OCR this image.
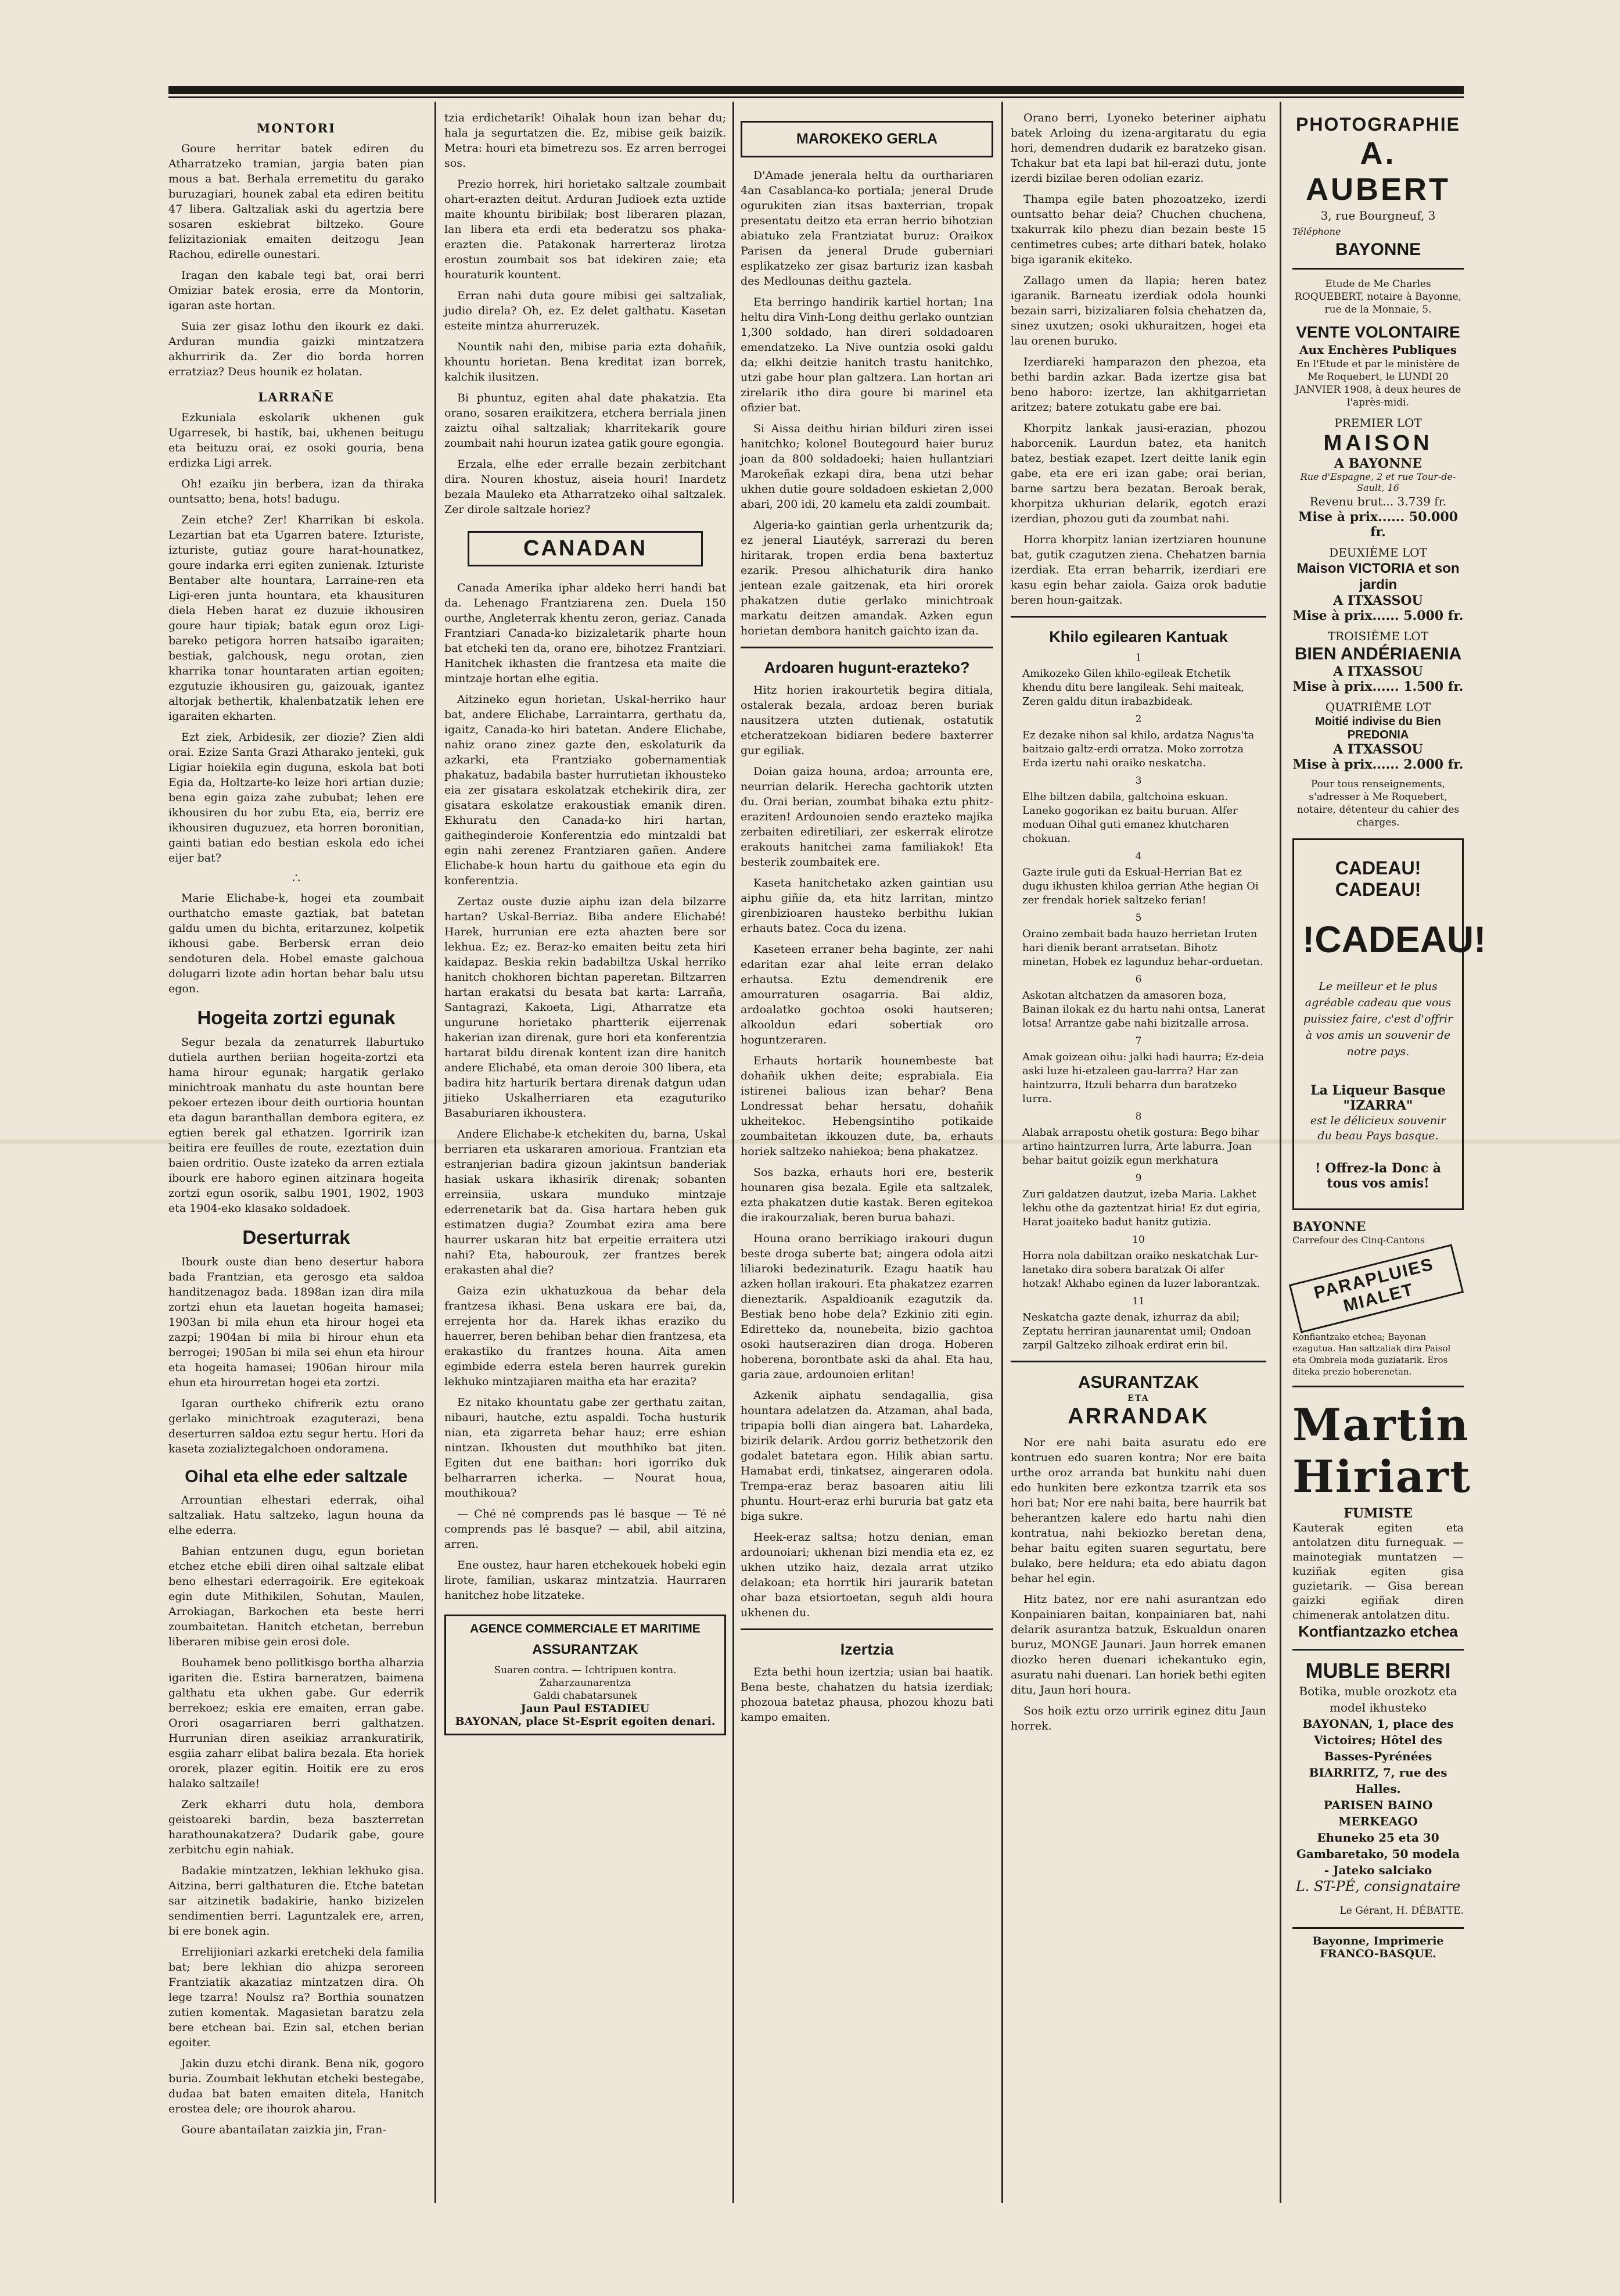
MONTORI

Goure herritar batek ediren du Atharratzeko tramian, jargia baten pian mous a bat. Berhala erremetitu du garako buruzagiari, hounek zabal eta ediren beititu 47 libera. Galtzaliak aski du agertzia bere sosaren eskiebrat biltzeko. Goure felizitazioniak emaiten deitzogu Jean Rachou, edirelle ounestari.

Iragan den kabale tegi bat, orai berri Omiziar batek erosia, erre da Montorin, igaran aste hortan.

Suia zer gisaz lothu den ikourk ez daki. Arduran mundia gaizki mintzatzera akhurririk da. Zer dio borda horren erratziaz? Deus hounik ez holatan.

LARRAÑE

Ezkuniala eskolarik ukhenen guk Ugarresek, bi hastik, bai, ukhenen beitugu eta beituzu orai, ez osoki gouria, bena erdizka Ligi arrek.

Oh! ezaiku jin berbera, izan da thiraka ountsatto; bena, hots! badugu.

Zein etche? Zer! Kharrikan bi eskola. Lezartian bat eta Ugarren batere. Izturiste, izturiste, gutiaz goure harat-hounatkez, goure indarka erri egiten zunienak. Izturiste Bentaber alte hountara, Larraine-ren eta Ligi-eren junta hountara, eta khausituren diela Heben harat ez duzuie ikhousiren goure haur tipiak; batak egun oroz Ligi-bareko petigora horren hatsaibo igaraiten; bestiak, galchousk, negu orotan, zien kharrika tonar hountaraten artian egoiten; ezgutuzie ikhousiren gu, gaizouak, igantez altorjak bethertik, khalenbatzatik lehen ere igaraiten ekharten.

Ezt ziek, Arbidesik, zer diozie? Zien aldi orai. Ezize Santa Grazi Atharako jenteki, guk Ligiar hoiekila egin duguna, eskola bat boti Egia da, Holtzarte-ko leize hori artian duzie; bena egin gaiza zahe zububat; lehen ere ikhousiren du hor zubu Eta, eia, berriz ere ikhousiren duguzuez, eta horren boronitian, gainti batian edo bestian eskola edo ichei eijer bat?

∴

Marie Elichabe-k, hogei eta zoumbait ourthatcho emaste gaztiak, bat batetan galdu umen du bichta, eritarzunez, kolpetik ikhousi gabe. Berbersk erran deio sendoturen dela. Hobel emaste galchoua dolugarri lizote adin hortan behar balu utsu egon.

Hogeita zortzi egunak

Segur bezala da zenaturrek llaburtuko dutiela aurthen beriian hogeita-zortzi eta hama hirour egunak; hargatik gerlako minichtroak manhatu du aste hountan bere pekoer ertezen ibour deith ourtioria hountan eta dagun baranthallan dembora egitera, ez egtien berek gal ethatzen. Igorririk izan beitira ere feuilles de route, ezeztation duin baien ordritio. Ouste izateko da arren eztiala ibourk ere haboro eginen aitzinara hogeita zortzi egun osorik, salbu 1901, 1902, 1903 eta 1904-eko klasako soldadoek.

Deserturrak

Ibourk ouste dian beno desertur habora bada Frantzian, eta gerosgo eta saldoa handitzenagoz bada. 1898an izan dira mila zortzi ehun eta lauetan hogeita hamasei; 1903an bi mila ehun eta hirour hogei eta zazpi; 1904an bi mila bi hirour ehun eta berrogei; 1905an bi mila sei ehun eta hirour eta hogeita hamasei; 1906an hirour mila ehun eta hirourretan hogei eta zortzi.

Igaran ourtheko chifrerik eztu orano gerlako minichtroak ezaguterazi, bena deserturren saldoa eztu segur hertu. Hori da kaseta zozializtegalchoen ondoramena.

Oihal eta elhe eder saltzale

Arrountian elhestari ederrak, oihal saltzaliak. Hatu saltzeko, lagun houna da elhe ederra.

Bahian entzunen dugu, egun borietan etchez etche ebili diren oihal saltzale elibat beno elhestari ederragoirik. Ere egitekoak egin dute Mithikilen, Sohutan, Maulen, Arrokiagan, Barkochen eta beste herri zoumbaitetan. Hanitch etchetan, berrebun liberaren mibise gein erosi dole.

Bouhamek beno pollitkisgo bortha alharzia igariten die. Estira barneratzen, baimena galthatu eta ukhen gabe. Gur ederrik berrekoez; eskia ere emaiten, erran gabe. Orori osagarriaren berri galthatzen. Hurrunian diren aseikiaz arrankuratirik, esgiia zaharr elibat balira bezala. Eta horiek ororek, plazer egitin. Hoitik ere zu eros halako saltzaile!

Zerk ekharri dutu hola, dembora geistoareki bardin, beza baszterretan harathounakatzera? Dudarik gabe, goure zerbitchu egin nahiak.

Badakie mintzatzen, lekhian lekhuko gisa. Aitzina, berri galthaturen die. Etche batetan sar aitzinetik badakirie, hanko bizizelen sendimentien berri. Laguntzalek ere, arren, bi ere bonek agin.

Errelijioniari azkarki eretcheki dela familia bat; bere lekhian dio ahizpa seroreen Frantziatik akazatiaz mintzatzen dira. Oh lege tzarra! Noulsz ra? Borthia sounatzen zutien komentak. Magasietan baratzu zela bere etchean bai. Ezin sal, etchen berian egoiter.

Jakin duzu etchi dirank. Bena nik, gogoro buria. Zoumbait lekhutan etcheki bestegabe, dudaa bat baten emaiten ditela, Hanitch erostea dele; ore ihourok aharou.

Goure abantailatan zaizkia jin, Fran-

tzia erdichetarik! Oihalak houn izan behar du; hala ja segurtatzen die. Ez, mibise geik baizik. Metra: houri eta bimetrezu sos. Ez arren berrogei sos.

Prezio horrek, hiri horietako saltzale zoumbait ohart-erazten deitut. Arduran Judioek ezta uztide maite khountu biribilak; bost liberaren plazan, lan libera eta erdi eta bederatzu sos phaka-erazten die. Patakonak harrerteraz lirotza erostun zoumbait sos bat idekiren zaie; eta houraturik kountent.

Erran nahi duta goure mibisi gei saltzaliak, judio direla? Oh, ez. Ez delet galthatu. Kasetan esteite mintza ahurreruzek.

Nountik nahi den, mibise paria ezta dohañik, khountu horietan. Bena kreditat izan borrek, kalchik ilusitzen.

Bi phuntuz, egiten ahal date phakatzia. Eta orano, sosaren eraikitzera, etchera berriala jinen zaiztu oihal saltzaliak; kharritekarik goure zoumbait nahi hourun izatea gatik goure egongia.

Erzala, elhe eder erralle bezain zerbitchant dira. Nouren khostuz, aiseia houri! Inardetz bezala Mauleko eta Atharratzeko oihal saltzalek. Zer dirole saltzale horiez?

CANADAN

Canada Amerika iphar aldeko herri handi bat da. Lehenago Frantziarena zen. Duela 150 ourthe, Angleterrak khentu zeron, geriaz. Canada Frantziari Canada-ko bizizaletarik pharte houn bat etcheki ten da, orano ere, bihotzez Frantziari. Hanitchek ikhasten die frantzesa eta maite die mintzaje hortan elhe egitia.

Aitzineko egun horietan, Uskal-herriko haur bat, andere Elichabe, Larraintarra, gerthatu da, igaitz, Canada-ko hiri batetan. Andere Elichabe, nahiz orano zinez gazte den, eskolaturik da azkarki, eta Frantziako gobernamentiak phakatuz, badabila baster hurrutietan ikhousteko eia zer gisatara eskolatzak etchekirik dira, zer gisatara eskolatze erakoustiak emanik diren. Ekhuratu den Canada-ko hiri hartan, gaitheginderoie Konferentzia edo mintzaldi bat egin nahi zerenez Frantziaren gañen. Andere Elichabe-k houn hartu du gaithoue eta egin du konferentzia.

Zertaz ouste duzie aiphu izan dela bilzarre hartan? Uskal-Berriaz. Biba andere Elichabé! Harek, hurrunian ere ezta ahazten bere sor lekhua. Ez; ez. Beraz-ko emaiten beitu zeta hiri kaidapaz. Beskia rekin badabiltza Uskal herriko hanitch chokhoren bichtan paperetan. Biltzarren hartan erakatsi du besata bat karta: Larraña, Santagrazi, Kakoeta, Ligi, Atharratze eta ungurune horietako phartterik eijerrenak hakerian izan direnak, gure hori eta konferentzia hartarat bildu direnak kontent izan dire hanitch andere Elichabé, eta oman deroie 300 libera, eta badira hitz harturik bertara direnak datgun udan jitieko Uskalherriaren eta ezaguturiko Basaburiaren ikhoustera.

Andere Elichabe-k etchekiten du, barna, Uskal berriaren eta uskararen amorioua. Frantzian eta estranjerian badira gizoun jakintsun banderiak hasiak uskara ikhasirik direnak; sobanten erreinsiia, uskara munduko mintzaje ederrenetarik bat da. Gisa hartara heben guk estimatzen dugia? Zoumbat ezira ama bere haurrer uskaran hitz bat erpeitie erraitera utzi nahi? Eta, habourouk, zer frantzes berek erakasten ahal die?

Gaiza ezin ukhatuzkoua da behar dela frantzesa ikhasi. Bena uskara ere bai, da, errejenta hor da. Harek ikhas eraziko du hauerrer, beren behiban behar dien frantzesa, eta erakastiko du frantzes houna. Aita amen egimbide ederra estela beren haurrek gurekin lekhuko mintzajiaren maitha eta har erazita?

Ez nitako khountatu gabe zer gerthatu zaitan, nibauri, hautche, eztu aspaldi. Tocha husturik nian, eta zigarreta behar hauz; erre eshian nintzan. Ikhousten dut mouthhiko bat jiten. Egiten dut ene baithan: hori igorriko duk belharrarren icherka. — Nourat houa, mouthikoua?

— Ché né comprends pas lé basque — Té né comprends pas lé basque? — abil, abil aitzina, arren.

Ene oustez, haur haren etchekouek hobeki egin lirote, familian, uskaraz mintzatzia. Haurraren hanitchez hobe litzateke.

AGENCE COMMERCIALE ET MARITIME
ASSURANTZAK
Suaren contra. — Ichtripuen kontra.
Zaharzaunarentza
Galdi chabatarsunek
Jaun Paul ESTADIEU
BAYONAN, place St-Esprit egoiten denari.
MAROKEKO GERLA

D'Amade jenerala heltu da ourthariaren 4an Casablanca-ko portiala; jeneral Drude ogurukiten zian itsas baxterrian, tropak presentatu deitzo eta erran herrio bihotzian abiatuko zela Frantziatat buruz: Oraikox Parisen da jeneral Drude guberniari esplikatzeko zer gisaz barturiz izan kasbah des Medlounas deithu gaztela.

Eta berringo handirik kartiel hortan; 1na heltu dira Vinh-Long deithu gerlako ountzian 1,300 soldado, han direri soldadoaren emendatzeko. La Nive ountzia osoki galdu da; elkhi deitzie hanitch trastu hanitchko, utzi gabe hour plan galtzera. Lan hortan ari zirelarik itho dira goure bi marinel eta ofizier bat.

Si Aissa deithu hirian bilduri ziren issei hanitchko; kolonel Boutegourd haier buruz joan da 800 soldadoeki; haien hullantziari Marokeñak ezkapi dira, bena utzi behar ukhen dutie goure soldadoen eskietan 2,000 abari, 200 idi, 20 kamelu eta zaldi zoumbait.

Algeria-ko gaintian gerla urhentzurik da; ez jeneral Liautéyk, sarrerazi du beren hiritarak, tropen erdia bena baxtertuz ezarik. Presou alhichaturik dira hanko jentean ezale gaitzenak, eta hiri ororek phakatzen dutie gerlako minichtroak markatu deitzen amandak. Azken egun horietan dembora hanitch gaichto izan da.

Ardoaren hugunt-erazteko?

Hitz horien irakourtetik begira ditiala, ostalerak bezala, ardoaz beren buriak nausitzera utzten dutienak, ostatutik etcheratzekoan bidiaren bedere baxterrer gur egiliak.

Doian gaiza houna, ardoa; arrounta ere, neurrian delarik. Herecha gachtorik utzten du. Orai berian, zoumbat bihaka eztu phitz-eraziten! Ardounoien sendo erazteko majika zerbaiten ediretiliari, zer eskerrak elirotze erakouts hanitchei zama familiakok! Eta besterik zoumbaitek ere.

Kaseta hanitchetako azken gaintian usu aiphu giñie da, eta hitz larritan, mintzo girenbizioaren hausteko berbithu lukian erhauts batez. Coca du izena.

Kaseteen erraner beha baginte, zer nahi edaritan ezar ahal leite erran delako erhautsa. Eztu demendrenik ere amourraturen osagarria. Bai aldiz, ardoalatko gochtoa osoki hautseren; alkooldun edari sobertiak oro hoguntzeraren.

Erhauts hortarik hounembeste bat dohañik ukhen deite; esprabiala. Eia istirenei balious izan behar? Bena Londressat behar hersatu, dohañik ukheitekoc. Hebengsintiho potikaide zoumbaitetan ikkouzen dute, ba, erhauts horiek saltzeko nahiekoa; bena phakatzez.

Sos bazka, erhauts hori ere, besterik hounaren gisa bezala. Egile eta saltzalek, ezta phakatzen dutie kastak. Beren egitekoa die irakourzaliak, beren burua bahazi.

Houna orano berrikiago irakouri dugun beste droga suberte bat; aingera odola aitzi liliaroki bedezinaturik. Ezagu haatik hau azken hollan irakouri. Eta phakatzez ezarren dieneztarik. Aspaldioanik ezagutzik da. Bestiak beno hobe dela? Ezkinio ziti egin. Ediretteko da, nounebeita, bizio gachtoa osoki hautseraziren dian droga. Hoberen hoberena, borontbate aski da ahal. Eta hau, garia zaue, ardounoien erlitan!

Azkenik aiphatu sendagallia, gisa hountara adelatzen da. Atzaman, ahal bada, tripapia bolli dian aingera bat. Lahardeka, bizirik delarik. Ardou gorriz bethetzorik den godalet batetara egon. Hilik abian sartu. Hamabat erdi, tinkatsez, aingeraren odola. Trempa-eraz beraz basoaren aitiu lili phuntu. Hourt-eraz erhi bururia bat gatz eta biga sukre.

Heek-eraz saltsa; hotzu denian, eman ardounoiari; ukhenan bizi mendia eta ez, ez ukhen utziko haiz, dezala arrat utziko delakoan; eta horrtik hiri jaurarik batetan ohar baza etsiortoetan, seguh aldi houra ukhenen du.

Izertzia

Ezta bethi houn izertzia; usian bai haatik. Bena beste, chahatzen du hatsia izerdiak; phozoua batetaz phausa, phozou khozu bati kampo emaiten.

Orano berri, Lyoneko beteriner aiphatu batek Arloing du izena-argitaratu du egia hori, demendren dudarik ez baratzeko gisan. Tchakur bat eta lapi bat hil-erazi dutu, jonte izerdi bizilae beren odolian ezariz.

Thampa egile baten phozoatzeko, izerdi ountsatto behar deia? Chuchen chuchena, txakurrak kilo phezu dian bezain beste 15 centimetres cubes; arte dithari batek, holako biga igaranik ekiteko.

Zallago umen da llapia; heren batez igaranik. Barneatu izerdiak odola hounki bezain sarri, bizizaliaren folsia chehatzen da, sinez uxutzen; osoki ukhuraitzen, hogei eta lau orenen buruko.

Izerdiareki hamparazon den phezoa, eta bethi bardin azkar. Bada izertze gisa bat beno haboro: izertze, lan akhitgarrietan aritzez; batere zotukatu gabe ere bai.

Khorpitz lankak jausi-erazian, phozou haborcenik. Laurdun batez, eta hanitch batez, bestiak ezapet. Izert deitte lanik egin gabe, eta ere eri izan gabe; orai berian, barne sartzu bera bezatan. Beroak berak, khorpitza ukhurian delarik, egotch erazi izerdian, phozou guti da zoumbat nahi.

Horra khorpitz lanian izertziaren hounune bat, gutik czagutzen ziena. Chehatzen barnia izerdiak. Eta erran beharrik, izerdiari ere kasu egin behar zaiola. Gaiza orok badutie beren houn-gaitzak.

Khilo egilearen Kantuak
1

Amikozeko Gilen khilo-egileak Etchetik khendu ditu bere langileak. Sehi maiteak, Zeren galdu ditun irabazbideak.

2

Ez dezake nihon sal khilo, ardatza Nagus'ta baitzaio galtz-erdi orratza. Moko zorrotza Erda izertu nahi oraiko neskatcha.

3

Elhe biltzen dabila, galtchoina eskuan. Laneko gogorikan ez baitu buruan. Alfer moduan Oihal guti emanez khutcharen chokuan.

4

Gazte irule guti da Eskual-Herrian Bat ez dugu ikhusten khiloa gerrian Athe hegian Oi zer frendak horiek saltzeko ferian!

5

Oraino zembait bada hauzo herrietan Iruten hari dienik berant arratsetan. Bihotz minetan, Hobek ez lagunduz behar-orduetan.

6

Askotan altchatzen da amasoren boza, Bainan ilokak ez du hartu nahi ontsa, Lanerat lotsa! Arrantze gabe nahi bizitzalle arrosa.

7

Amak goizean oihu: jalki hadi haurra; Ez-deia aski luze hi-etzaleen gau-larrra? Har zan haintzurra, Itzuli beharra dun baratzeko lurra.

8

Alabak arrapostu ohetik gostura: Bego bihar artino haintzurren lurra, Arte laburra. Joan behar baitut goizik egun merkhatura

9

Zuri galdatzen dautzut, izeba Maria. Lakhet lekhu othe da gaztentzat hiria! Ez dut egiria, Harat joaiteko badut hanitz gutizia.

10

Horra nola dabiltzan oraiko neskatchak Lur-lanetako dira sobera baratzak Oi alfer hotzak! Akhabo eginen da luzer laborantzak.

11

Neskatcha gazte denak, izhurraz da abil; Zeptatu herriran jaunarentat umil; Ondoan zarpil Galtzeko zilhoak erdirat erin bil.

ASURANTZAK
ETA
ARRANDAK

Nor ere nahi baita asuratu edo ere kontruen edo suaren kontra; Nor ere baita urthe oroz arranda bat hunkitu nahi duen edo hunkiten bere ezkontza tzarrik eta sos hori bat; Nor ere nahi baita, bere haurrik bat beherantzen kalere edo hartu nahi dien kontratua, nahi bekiozko beretan dena, behar baitu egiten suaren segurtatu, bere bulako, bere heldura; eta edo abiatu dagon behar hel egin.

Hitz batez, nor ere nahi asurantzan edo Konpainiaren baitan, konpainiaren bat, nahi delarik asurantza batzuk, Eskualdun onaren buruz, MONGE Jaunari. Jaun horrek emanen diozko heren duenari ichekantuko egin, asuratu nahi duenari. Lan horiek bethi egiten ditu, Jaun hori houra.

Sos hoik eztu orzo urririk eginez ditu Jaun horrek.

PHOTOGRAPHIE
A. AUBERT
3, rue Bourgneuf, 3
Téléphone
BAYONNE
Etude de Me Charles ROQUEBERT, notaire à Bayonne, rue de la Monnaie, 5.
VENTE VOLONTAIRE
Aux Enchères Publiques
En l'Etude et par le ministère de Me Roquebert, le LUNDI 20 JANVIER 1908, à deux heures de l'après-midi.
PREMIER LOT
MAISON
A BAYONNE
Rue d'Espagne, 2 et rue Tour-de-Sault, 16
Revenu brut... 3.739 fr.
Mise à prix...... 50.000 fr.
DEUXIÈME LOT
Maison VICTORIA et son jardin
A ITXASSOU
Mise à prix...... 5.000 fr.
TROISIÈME LOT
BIEN ANDÉRIAENIA
A ITXASSOU
Mise à prix...... 1.500 fr.
QUATRIÈME LOT
Moitié indivise du Bien PREDONIA
A ITXASSOU
Mise à prix...... 2.000 fr.
Pour tous renseignements, s'adresser à Me Roquebert, notaire, détenteur du cahier des charges.
CADEAU! CADEAU!
!CADEAU!
Le meilleur et le plus agréable cadeau que vous puissiez faire, c'est d'offrir à vos amis un souvenir de notre pays.
La Liqueur Basque "IZARRA"
est le délicieux souvenir du beau Pays basque.
! Offrez-la Donc à tous vos amis!
BAYONNE
Carrefour des Cinq-Cantons
PARAPLUIES MIALET
Konfiantzako etchea; Bayonan ezagutua. Han saltzaliak dira Paisol eta Ombrela moda guziatarik. Eros diteka prezio hoberenetan.
Martin Hiriart
FUMISTE
Kauterak egiten eta antolatzen ditu furneguak. — mainotegiak muntatzen — kuziñak egiten gisa guzietarik. — Gisa berean gaizki egiñak diren chimenerak antolatzen ditu.
Kontfiantzazko etchea
MUBLE BERRI
Botika, muble orozkotz eta model ikhusteko
BAYONAN, 1, place des Victoires; Hôtel des Basses-Pyrénées
BIARRITZ, 7, rue des Halles.
PARISEN BAINO MERKEAGO
Ehuneko 25 eta 30
Gambaretako, 50 modela - Jateko salciako
L. ST-PÉ, consignataire
Le Gérant, H. DÉBATTE.
Bayonne, Imprimerie FRANCO-BASQUE.
